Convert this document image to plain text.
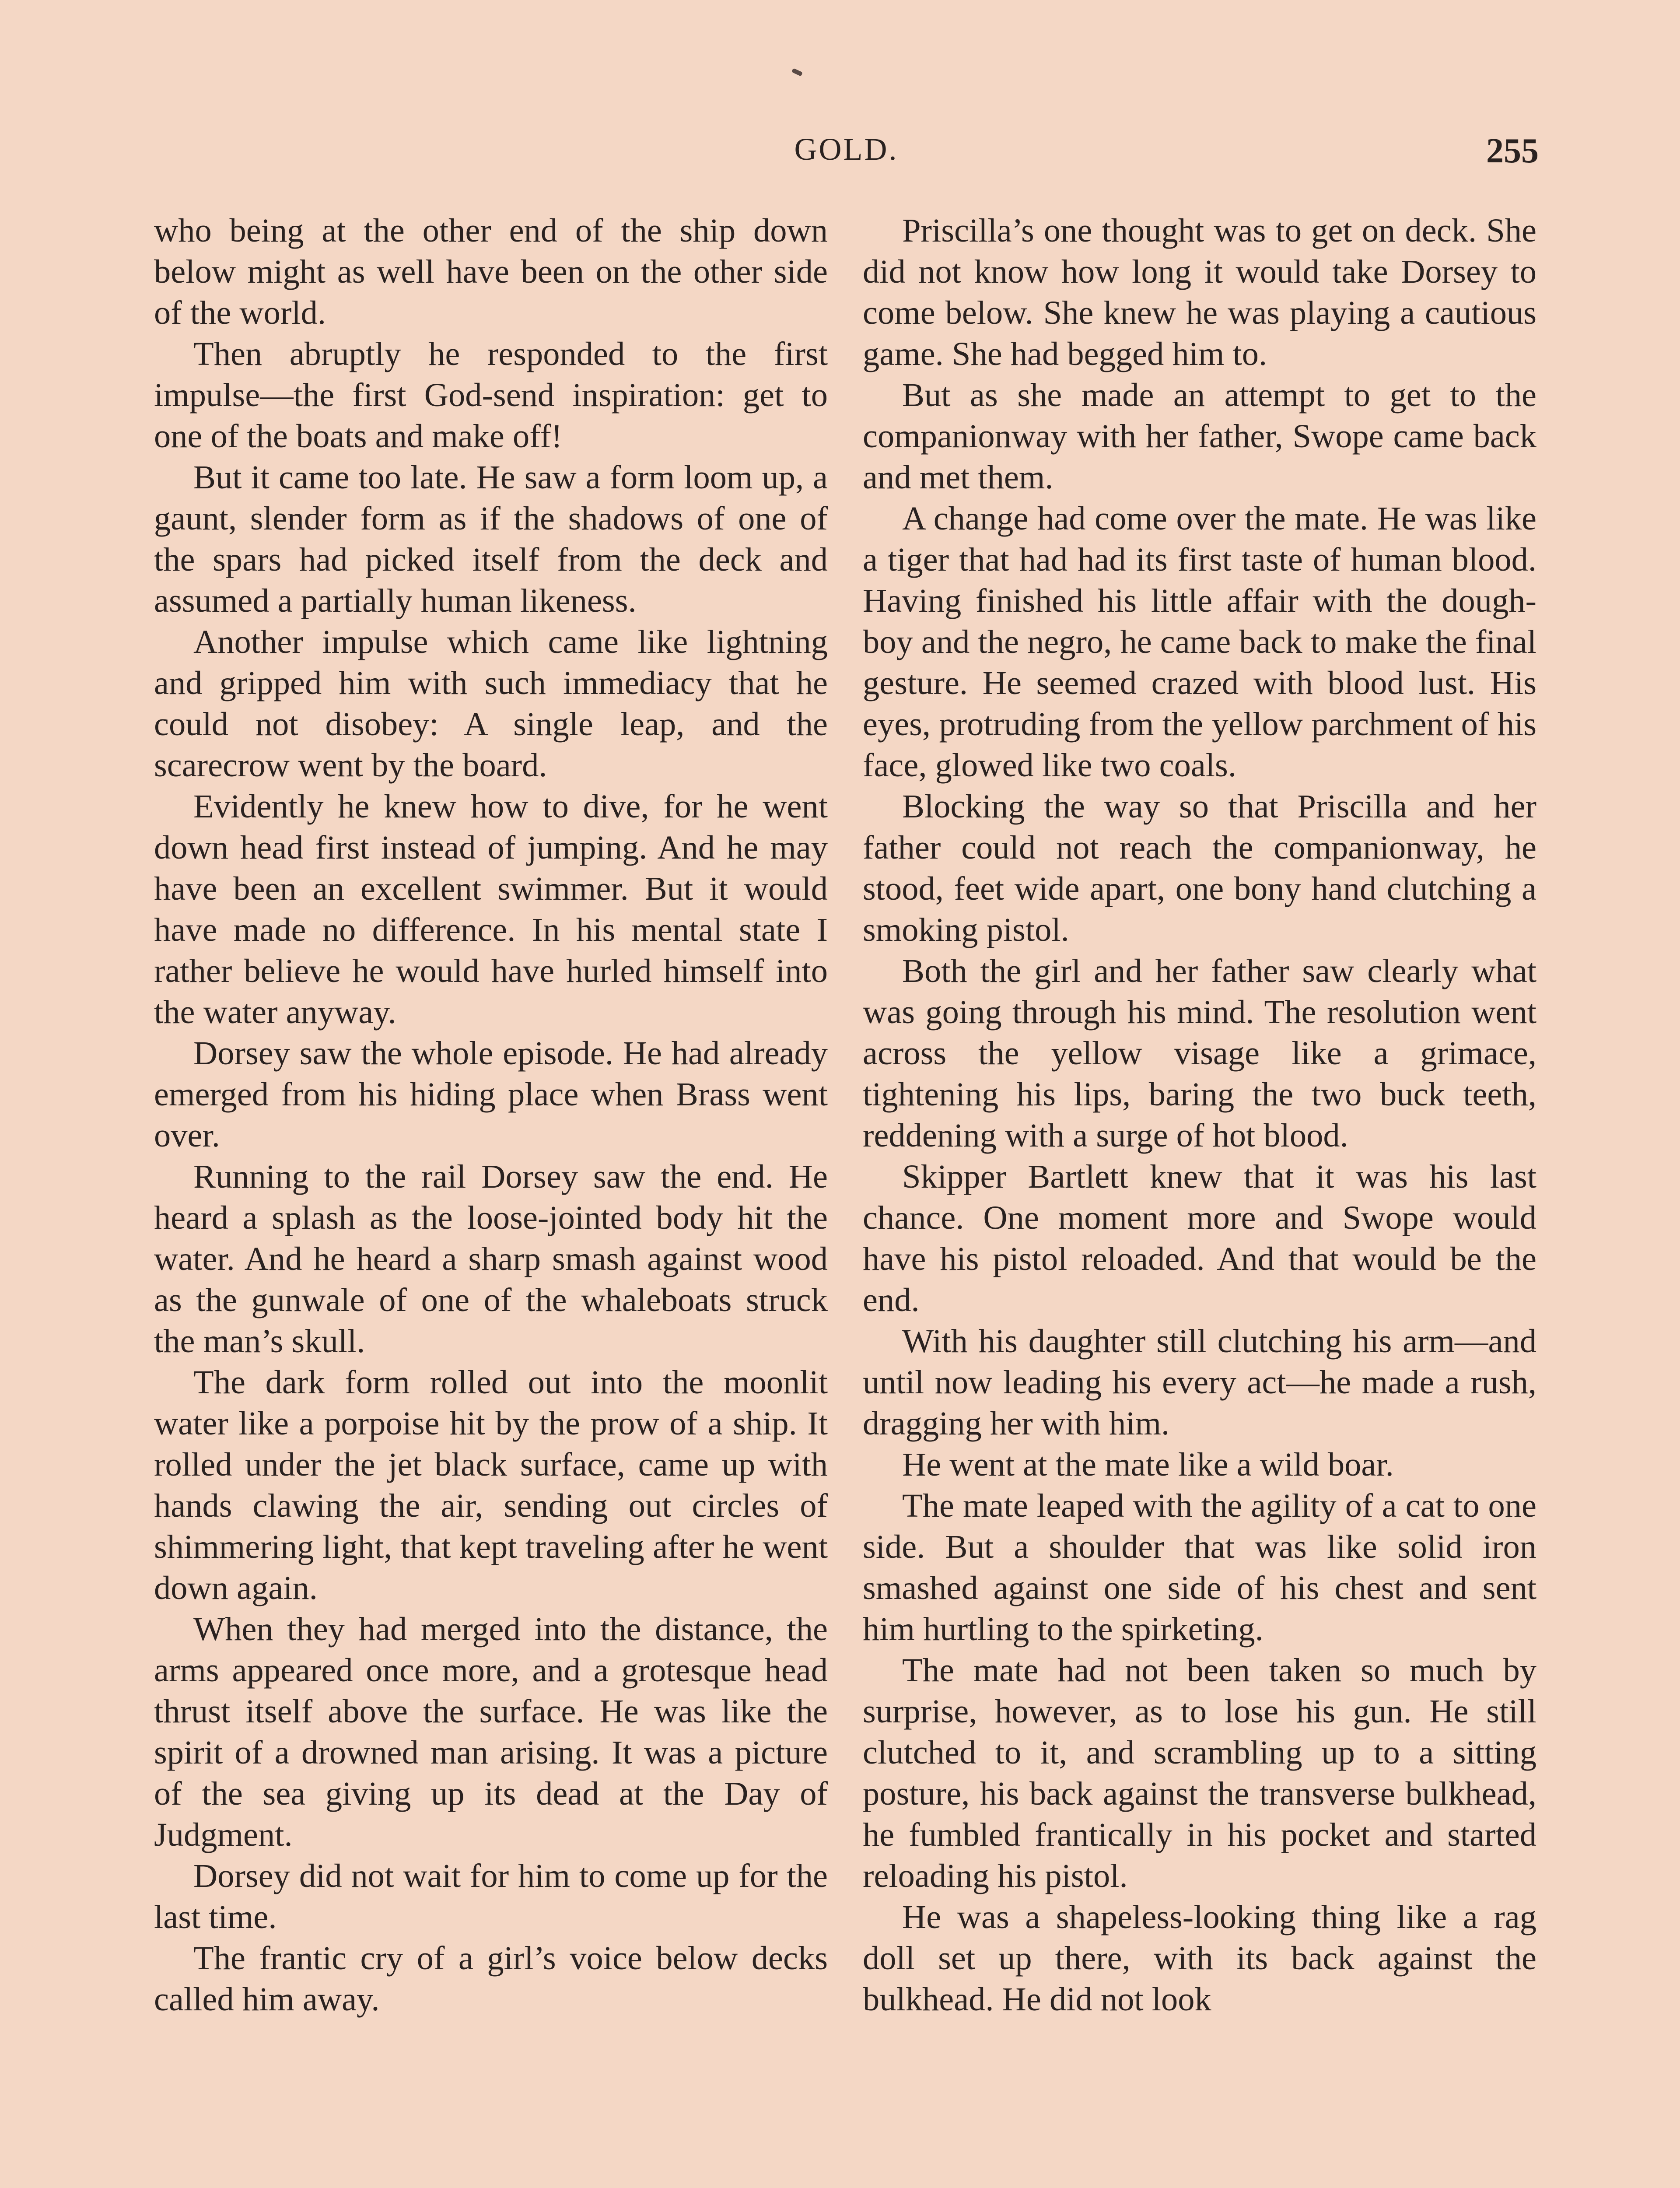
GOLD.	255

who being at the other end of the ship down below might as well have been on the other side of the world.

Then abruptly he responded to the first impulse—the first God-send inspiration: get to one of the boats and make off!

But it came too late. He saw a form loom up, a gaunt, slender form as if the shadows of one of the spars had picked itself from the deck and assumed a partially human likeness.

Another impulse which came like lightning and gripped him with such immediacy that he could not disobey: A single leap, and the scarecrow went by the board.

Evidently he knew how to dive, for he went down head first instead of jumping. And he may have been an excellent swimmer. But it would have made no difference. In his mental state I rather believe he would have hurled himself into the water anyway.

Dorsey saw the whole episode. He had already emerged from his hiding place when Brass went over.

Running to the rail Dorsey saw the end. He heard a splash as the loose-jointed body hit the water. And he heard a sharp smash against wood as the gunwale of one of the whaleboats struck the man’s skull.

The dark form rolled out into the moonlit water like a porpoise hit by the prow of a ship. It rolled under the jet black surface, came up with hands clawing the air, sending out circles of shimmering light, that kept traveling after he went down again.

When they had merged into the distance, the arms appeared once more, and a grotesque head thrust itself above the surface. He was like the spirit of a drowned man arising. It was a picture of the sea giving up its dead at the Day of Judgment.

Dorsey did not wait for him to come up for the last time.

The frantic cry of a girl’s voice below decks called him away.

Priscilla’s one thought was to get on deck. She did not know how long it would take Dorsey to come below. She knew he was playing a cautious game. She had begged him to.

But as she made an attempt to get to the companionway with her father, Swope came back and met them.

A change had come over the mate. He was like a tiger that had had its first taste of human blood. Having finished his little affair with the dough-boy and the negro, he came back to make the final gesture. He seemed crazed with blood lust. His eyes, protruding from the yellow parchment of his face, glowed like two coals.

Blocking the way so that Priscilla and her father could not reach the companionway, he stood, feet wide apart, one bony hand clutching a smoking pistol.

Both the girl and her father saw clearly what was going through his mind. The resolution went across the yellow visage like a grimace, tightening his lips, baring the two buck teeth, reddening with a surge of hot blood.

Skipper Bartlett knew that it was his last chance. One moment more and Swope would have his pistol reloaded. And that would be the end.

With his daughter still clutching his arm—and until now leading his every act—he made a rush, dragging her with him.

He went at the mate like a wild boar.

The mate leaped with the agility of a cat to one side. But a shoulder that was like solid iron smashed against one side of his chest and sent him hurtling to the spirketing.

The mate had not been taken so much by surprise, however, as to lose his gun. He still clutched to it, and scrambling up to a sitting posture, his back against the transverse bulkhead, he fumbled frantically in his pocket and started reloading his pistol.

He was a shapeless-looking thing like a rag doll set up there, with its back against the bulkhead. He did not look
